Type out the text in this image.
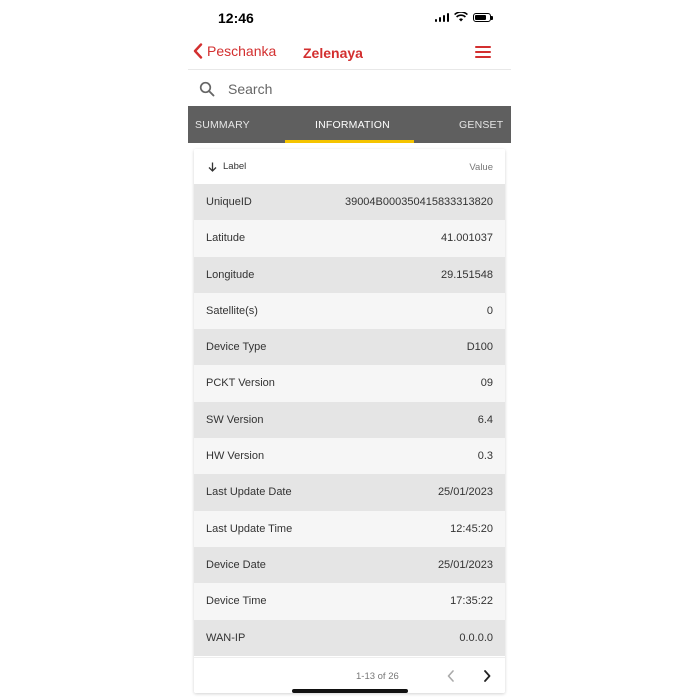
12:46
Peschanka Zelenaya
Search
SUMMARY	INFORMATION	GENSET
Label	Value
UniqueID	39004B000350415833313820
Latitude	41.001037
Longitude	29.151548
Satellite(s)	0
Device Type	D100
PCKT Version	09
SW Version	6.4
HW Version	0.3
Last Update Date	25/01/2023
Last Update Time	12:45:20
Device Date	25/01/2023
Device Time	17:35:22
WAN-IP	0.0.0.0
1-13 of 26
